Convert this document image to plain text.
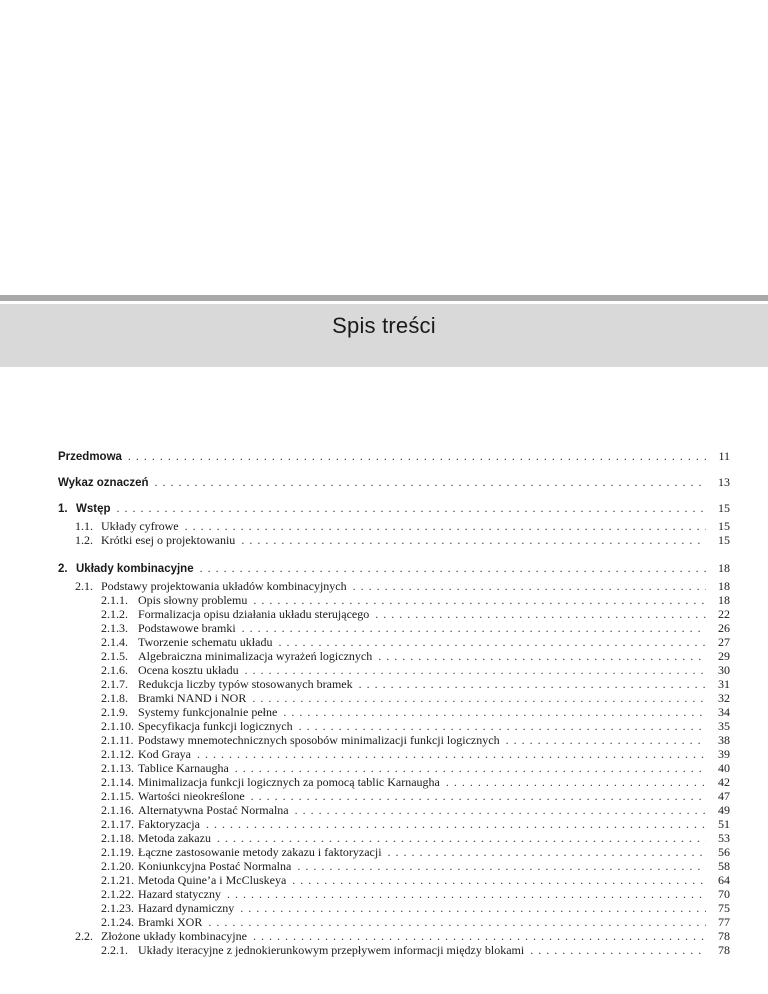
Spis treści
Przedmowa . . .	11
Wykaz oznaczeń . . .	13
1. Wstęp . . .	15
1.1. Układy cyfrowe . . .	15
1.2. Krótki esej o projektowaniu . . .	15
2. Układy kombinacyjne . . .	18
2.1. Podstawy projektowania układów kombinacyjnych . . .	18
2.1.1. Opis słowny problemu . . .	18
2.1.2. Formalizacja opisu działania układu sterującego . . .	22
2.1.3. Podstawowe bramki . . .	26
2.1.4. Tworzenie schematu układu . . .	27
2.1.5. Algebraiczna minimalizacja wyrażeń logicznych . . .	29
2.1.6. Ocena kosztu układu . . .	30
2.1.7. Redukcja liczby typów stosowanych bramek . . .	31
2.1.8. Bramki NAND i NOR . . .	32
2.1.9. Systemy funkcjonalnie pełne . . .	34
2.1.10. Specyfikacja funkcji logicznych . . .	35
2.1.11. Podstawy mnemotechnicznych sposobów minimalizacji funkcji logicznych . . .	38
2.1.12. Kod Graya . . .	39
2.1.13. Tablice Karnaugha . . .	40
2.1.14. Minimalizacja funkcji logicznych za pomocą tablic Karnaugha . . .	42
2.1.15. Wartości nieokreślone . . .	47
2.1.16. Alternatywna Postać Normalna . . .	49
2.1.17. Faktoryzacja . . .	51
2.1.18. Metoda zakazu . . .	53
2.1.19. Łączne zastosowanie metody zakazu i faktoryzacji . . .	56
2.1.20. Koniunkcyjna Postać Normalna . . .	58
2.1.21. Metoda Quine’a i McCluskeya . . .	64
2.1.22. Hazard statyczny . . .	70
2.1.23. Hazard dynamiczny . . .	75
2.1.24. Bramki XOR . . .	77
2.2. Złożone układy kombinacyjne . . .	78
2.2.1. Układy iteracyjne z jednokierunkowym przepływem informacji między blokami . . .	78
